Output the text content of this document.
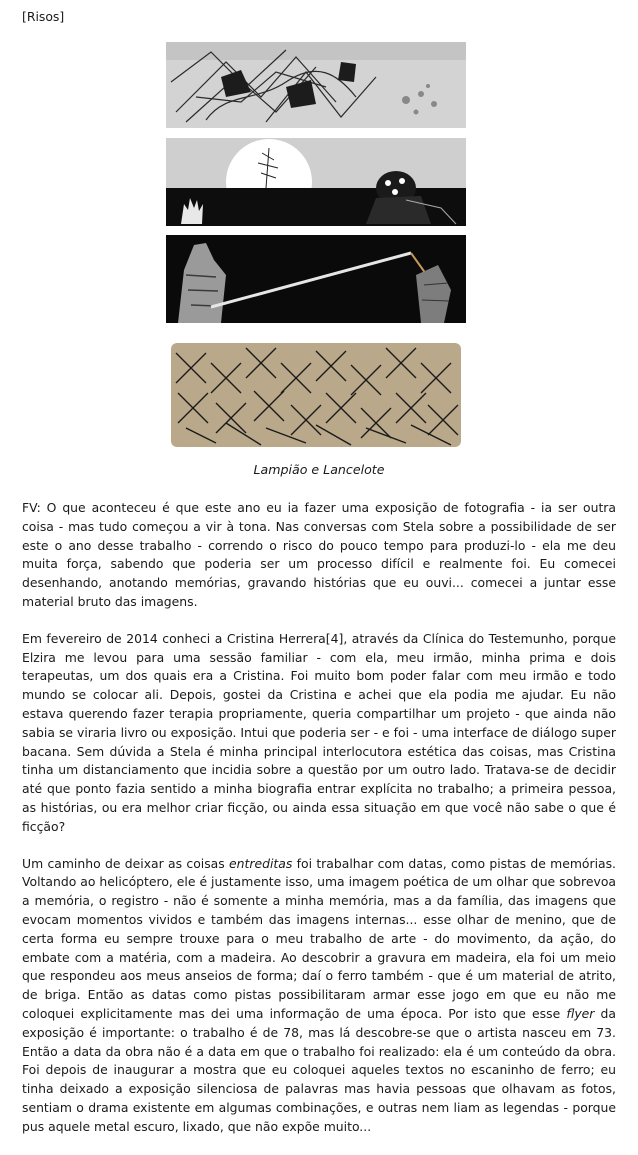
[Risos]
Lampião e Lancelote

FV: O que aconteceu é que este ano eu ia fazer uma exposição de fotografia - ia ser outra coisa - mas tudo começou a vir à tona. Nas conversas com Stela sobre a possibilidade de ser este o ano desse trabalho - correndo o risco do pouco tempo para produzi-lo - ela me deu muita força, sabendo que poderia ser um processo difícil e realmente foi. Eu comecei desenhando, anotando memórias, gravando histórias que eu ouvi... comecei a juntar esse material bruto das imagens.

Em fevereiro de 2014 conheci a Cristina Herrera[4], através da Clínica do Testemunho, porque Elzira me levou para uma sessão familiar - com ela, meu irmão, minha prima e dois terapeutas, um dos quais era a Cristina. Foi muito bom poder falar com meu irmão e todo mundo se colocar ali. Depois, gostei da Cristina e achei que ela podia me ajudar. Eu não estava querendo fazer terapia propriamente, queria compartilhar um projeto - que ainda não sabia se viraria livro ou exposição. Intui que poderia ser - e foi - uma interface de diálogo super bacana. Sem dúvida a Stela é minha principal interlocutora estética das coisas, mas Cristina tinha um distanciamento que incidia sobre a questão por um outro lado. Tratava-se de decidir até que ponto fazia sentido a minha biografia entrar explícita no trabalho; a primeira pessoa, as histórias, ou era melhor criar ficção, ou ainda essa situação em que você não sabe o que é ficção?

Um caminho de deixar as coisas entreditas foi trabalhar com datas, como pistas de memórias. Voltando ao helicóptero, ele é justamente isso, uma imagem poética de um olhar que sobrevoa a memória, o registro - não é somente a minha memória, mas a da família, das imagens que evocam momentos vividos e também das imagens internas... esse olhar de menino, que de certa forma eu sempre trouxe para o meu trabalho de arte - do movimento, da ação, do embate com a matéria, com a madeira. Ao descobrir a gravura em madeira, ela foi um meio que respondeu aos meus anseios de forma; daí o ferro também - que é um material de atrito, de briga. Então as datas como pistas possibilitaram armar esse jogo em que eu não me coloquei explicitamente mas dei uma informação de uma época. Por isto que esse flyer da exposição é importante: o trabalho é de 78, mas lá descobre-se que o artista nasceu em 73. Então a data da obra não é a data em que o trabalho foi realizado: ela é um conteúdo da obra. Foi depois de inaugurar a mostra que eu coloquei aqueles textos no escaninho de ferro; eu tinha deixado a exposição silenciosa de palavras mas havia pessoas que olhavam as fotos, sentiam o drama existente em algumas combinações, e outras nem liam as legendas - porque pus aquele metal escuro, lixado, que não expõe muito...
